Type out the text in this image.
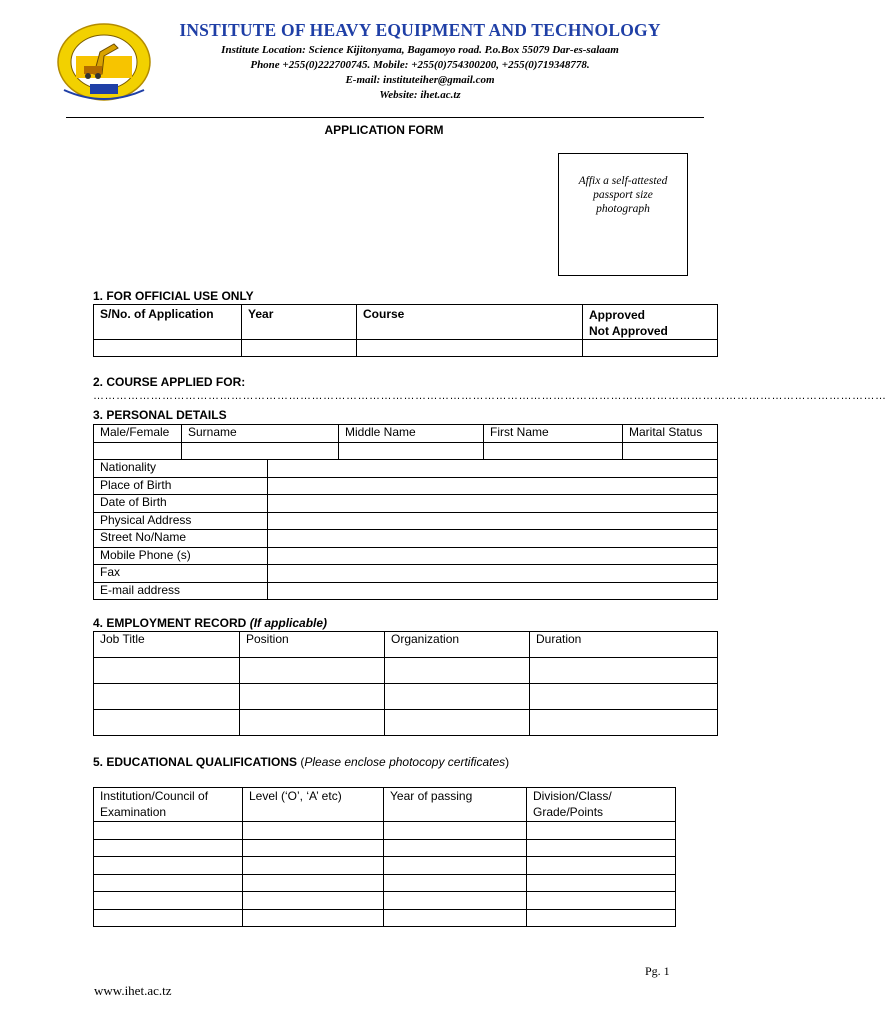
INSTITUTE OF HEAVY EQUIPMENT AND TECHNOLOGY
Institute Location: Science Kijitonyama, Bagamoyo road. P.o.Box 55079 Dar-es-salaam
Phone +255(0)222700745. Mobile: +255(0)754300200, +255(0)719348778.
E-mail: instituteiher@gmail.com
Website: ihet.ac.tz
APPLICATION FORM
Affix a self-attested passport size photograph
1. FOR OFFICIAL USE ONLY
S/No. of Application	Year	Course	Approved
Not Approved

2. COURSE APPLIED FOR:
………………………………………………………………………………………………………………………………………………………………………………………
3. PERSONAL DETAILS
Male/Female	Surname	Middle Name	First Name	Marital Status

Nationality	
Place of Birth	
Date of Birth	
Physical Address	
Street No/Name	
Mobile Phone (s)	
Fax	
E-mail address	
4. EMPLOYMENT RECORD (If applicable)
Job Title	Position	Organization	Duration

5. EDUCATIONAL QUALIFICATIONS (Please enclose photocopy certificates)
Institution/Council of Examination	Level (‘O’, ‘A’ etc)	Year of passing	Division/Class/ Grade/Points

Pg. 1
www.ihet.ac.tz
